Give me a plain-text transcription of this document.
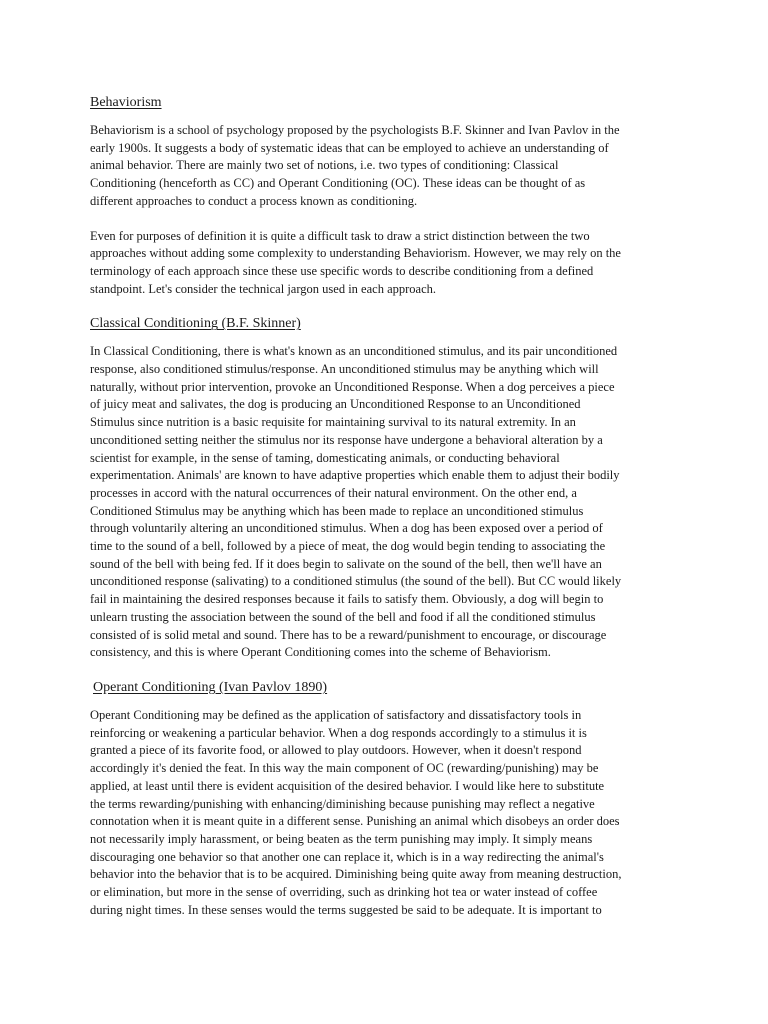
Behaviorism
Behaviorism is a school of psychology proposed by the psychologists B.F. Skinner and Ivan Pavlov in the
early 1900s. It suggests a body of systematic ideas that can be employed to achieve an understanding of
animal behavior. There are mainly two set of notions, i.e. two types of conditioning: Classical
Conditioning (henceforth as CC) and Operant Conditioning (OC). These ideas can be thought of as
different approaches to conduct a process known as conditioning.
Even for purposes of definition it is quite a difficult task to draw a strict distinction between the two
approaches without adding some complexity to understanding Behaviorism. However, we may rely on the
terminology of each approach since these use specific words to describe conditioning from a defined
standpoint. Let's consider the technical jargon used in each approach.
Classical Conditioning (B.F. Skinner)
In Classical Conditioning, there is what's known as an unconditioned stimulus, and its pair unconditioned
response, also conditioned stimulus/response. An unconditioned stimulus may be anything which will
naturally, without prior intervention, provoke an Unconditioned Response. When a dog perceives a piece
of juicy meat and salivates, the dog is producing an Unconditioned Response to an Unconditioned
Stimulus since nutrition is a basic requisite for maintaining survival to its natural extremity. In an
unconditioned setting neither the stimulus nor its response have undergone a behavioral alteration by a
scientist for example, in the sense of taming, domesticating animals, or conducting behavioral
experimentation. Animals' are known to have adaptive properties which enable them to adjust their bodily
processes in accord with the natural occurrences of their natural environment. On the other end, a
Conditioned Stimulus may be anything which has been made to replace an unconditioned stimulus
through voluntarily altering an unconditioned stimulus. When a dog has been exposed over a period of
time to the sound of a bell, followed by a piece of meat, the dog would begin tending to associating the
sound of the bell with being fed. If it does begin to salivate on the sound of the bell, then we'll have an
unconditioned response (salivating) to a conditioned stimulus (the sound of the bell). But CC would likely
fail in maintaining the desired responses because it fails to satisfy them. Obviously, a dog will begin to
unlearn trusting the association between the sound of the bell and food if all the conditioned stimulus
consisted of is solid metal and sound. There has to be a reward/punishment to encourage, or discourage
consistency, and this is where Operant Conditioning comes into the scheme of Behaviorism.
Operant Conditioning (Ivan Pavlov 1890)
Operant Conditioning may be defined as the application of satisfactory and dissatisfactory tools in
reinforcing or weakening a particular behavior. When a dog responds accordingly to a stimulus it is
granted a piece of its favorite food, or allowed to play outdoors. However, when it doesn't respond
accordingly it's denied the feat. In this way the main component of OC (rewarding/punishing) may be
applied, at least until there is evident acquisition of the desired behavior. I would like here to substitute
the terms rewarding/punishing with enhancing/diminishing because punishing may reflect a negative
connotation when it is meant quite in a different sense. Punishing an animal which disobeys an order does
not necessarily imply harassment, or being beaten as the term punishing may imply. It simply means
discouraging one behavior so that another one can replace it, which is in a way redirecting the animal's
behavior into the behavior that is to be acquired. Diminishing being quite away from meaning destruction,
or elimination, but more in the sense of overriding, such as drinking hot tea or water instead of coffee
during night times. In these senses would the terms suggested be said to be adequate. It is important to
